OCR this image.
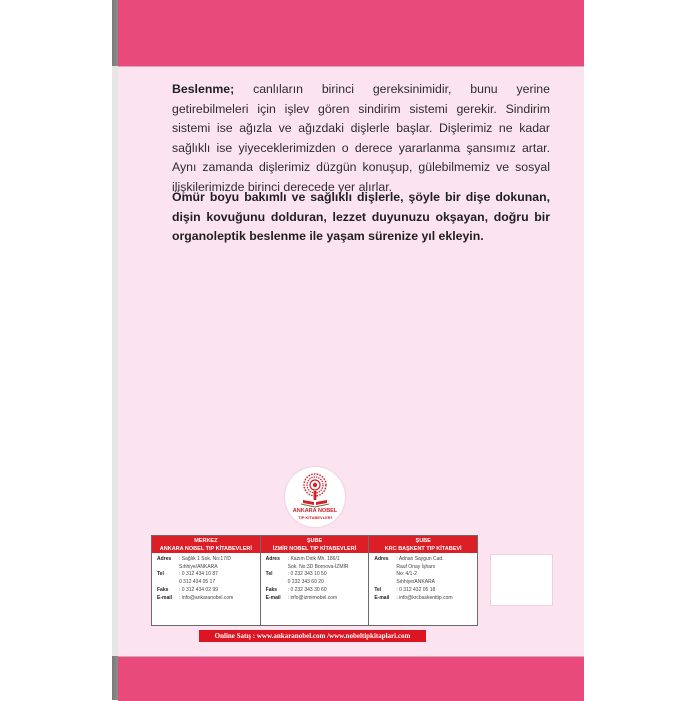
Beslenme; canlıların birinci gereksinimidir, bunu yerine getirebilmeleri için işlev gören sindirim sistemi gerekir. Sindirim sistemi ise ağızla ve ağızdaki dişlerle başlar. Dişlerimiz ne kadar sağlıklı ise yiyeceklerimizden o derece yararlanma şansımız artar. Aynı zamanda dişlerimiz düzgün konuşup, gülebilmemiz ve sosyal ilişkilerimizde birinci derecede yer alırlar.
Ömür boyu bakımlı ve sağlıklı dişlerle, şöyle bir dişe dokunan, dişin kovuğunu dolduran, lezzet duyunuzu okşayan, doğru bir organoleptik beslenme ile yaşam sürenize yıl ekleyin.
ANKARA NOBEL
TIP KİTABEVLERİ
MERKEZ
ANKARA NOBEL TIP KİTABEVLERİ
Adres	: Sağlık 1 Sok. No:17/D
Sıhhiye/ANKARA
Tel	: 0 312 434 10 87
0 312 434 05 17
Faks	: 0 312 434 02 99
E-mail	: info@ankaranobel.com
ŞUBE
İZMİR NOBEL TIP KİTABEVLERİ
Adres	: Kazım Dirik Mh. 186/1
Sok. No:3D Bornova-İZMİR
Tel	: 0 232 343 10 50
0 232 343 60 20
Faks	: 0 232 343 30 60
E-mail	: info@izmirnobel.com
ŞUBE
KRC BAŞKENT TIP KİTABEVİ
Adres	: Adnan Saygun Cad.
Rauf Onay İşhanı
No: 4/1-2
Sıhhiye/ANKARA
Tel	: 0 312 432 05 18
E-mail	: info@krcbaskenttip.com
Online Satış : www.ankaranobel.com /www.nobeltipkitaplari.com
